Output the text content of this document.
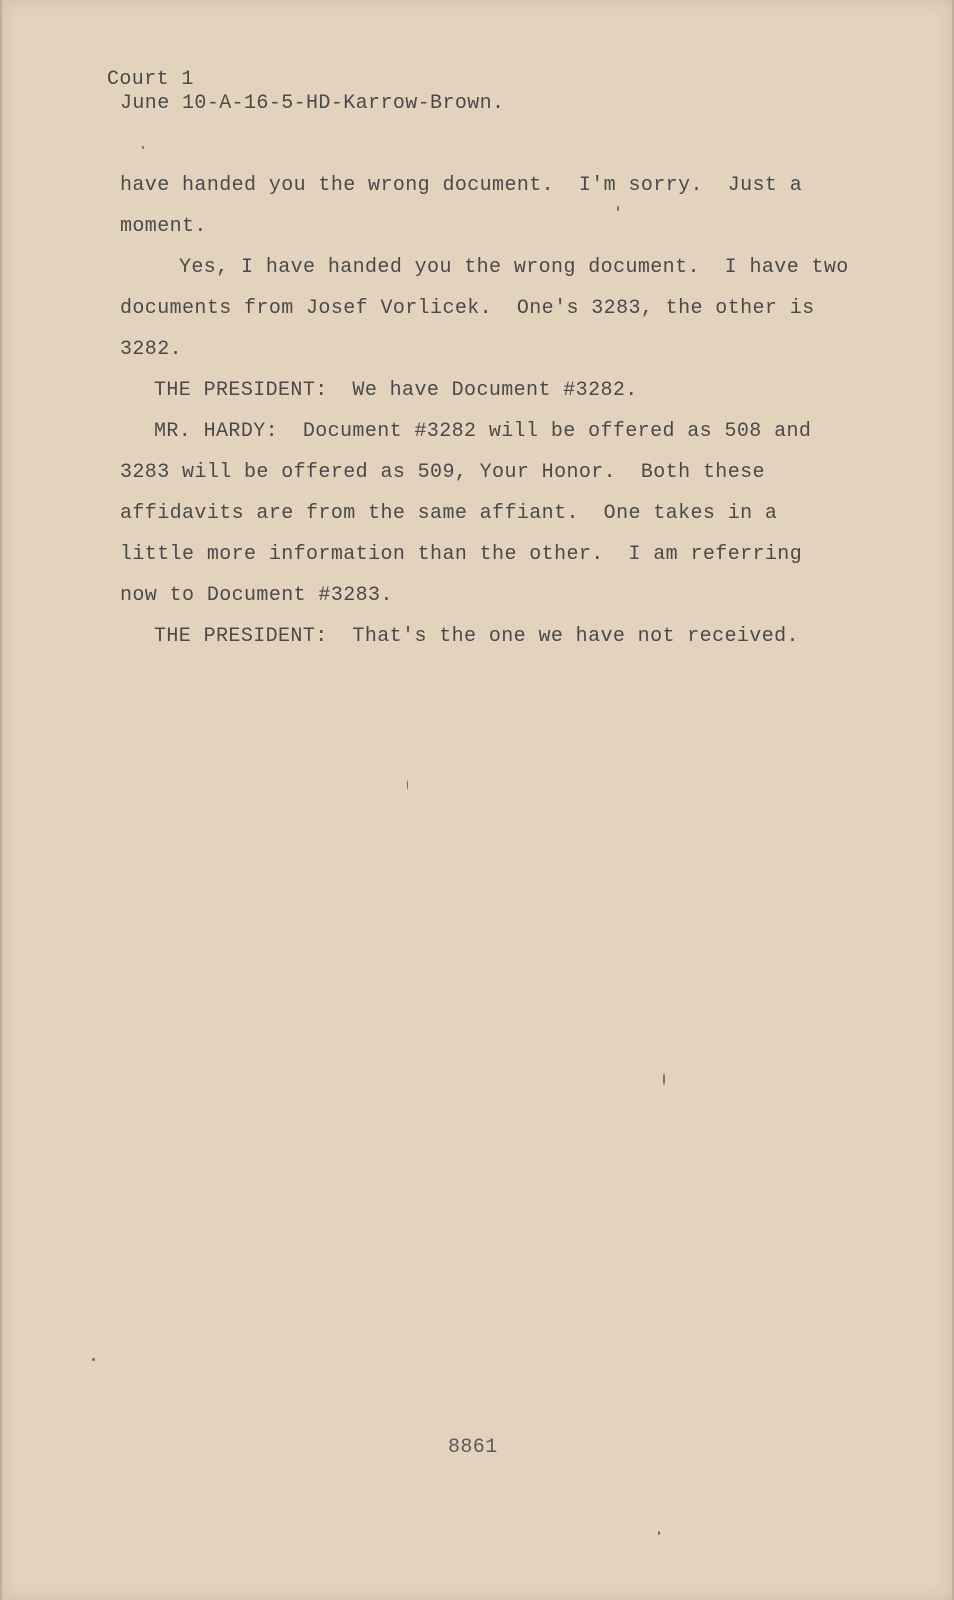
Court 1
June 10-A-16-5-HD-Karrow-Brown.
have handed you the wrong document.  I'm sorry.  Just a
moment.
Yes, I have handed you the wrong document.  I have two
documents from Josef Vorlicek.  One's 3283, the other is
3282.
THE PRESIDENT:  We have Document #3282.
MR. HARDY:  Document #3282 will be offered as 508 and
3283 will be offered as 509, Your Honor.  Both these
affidavits are from the same affiant.  One takes in a
little more information than the other.  I am referring
now to Document #3283.
THE PRESIDENT:  That's the one we have not received.
8861
